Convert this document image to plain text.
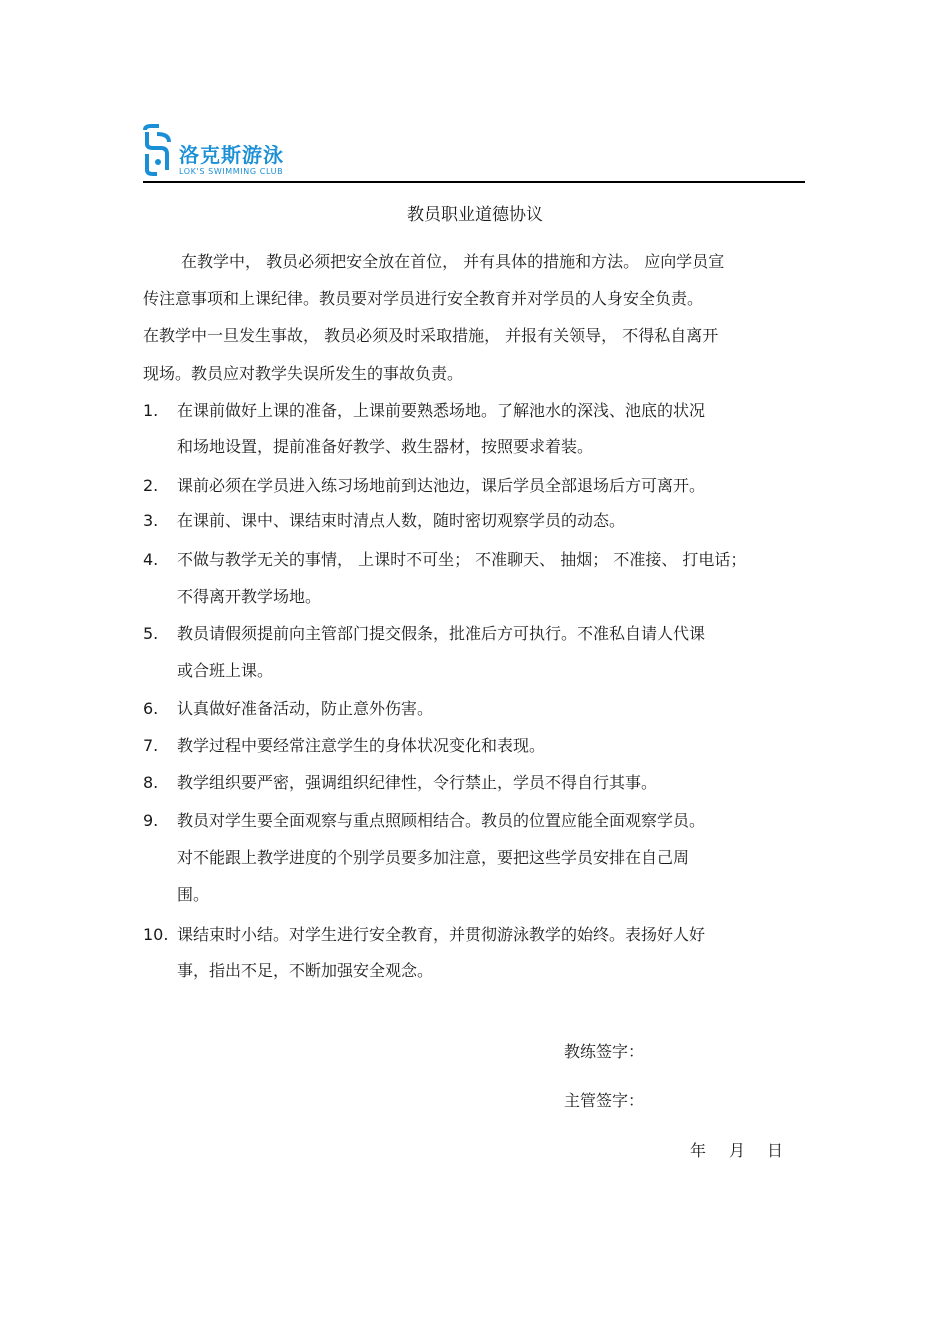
洛克斯游泳
LOK'S SWIMMING CLUB
教员职业道德协议
在教学中， 教员必须把安全放在首位， 并有具体的措施和方法。 应向学员宣
传注意事项和上课纪律。教员要对学员进行安全教育并对学员的人身安全负责。
在教学中一旦发生事故， 教员必须及时采取措施， 并报有关领导， 不得私自离开
现场。教员应对教学失误所发生的事故负责。
1. 在课前做好上课的准备，上课前要熟悉场地。了解池水的深浅、池底的状况
和场地设置，提前准备好教学、救生器材，按照要求着装。
2. 课前必须在学员进入练习场地前到达池边，课后学员全部退场后方可离开。
3. 在课前、课中、课结束时清点人数，随时密切观察学员的动态。
4. 不做与教学无关的事情， 上课时不可坐； 不准聊天、 抽烟； 不准接、 打电话；
不得离开教学场地。
5. 教员请假须提前向主管部门提交假条，批准后方可执行。不准私自请人代课
或合班上课。
6. 认真做好准备活动，防止意外伤害。
7. 教学过程中要经常注意学生的身体状况变化和表现。
8. 教学组织要严密，强调组织纪律性，令行禁止，学员不得自行其事。
9. 教员对学生要全面观察与重点照顾相结合。教员的位置应能全面观察学员。
对不能跟上教学进度的个别学员要多加注意，要把这些学员安排在自己周
围。
10. 课结束时小结。对学生进行安全教育，并贯彻游泳教学的始终。表扬好人好
事，指出不足，不断加强安全观念。
教练签字：
主管签字：
年 月 日
